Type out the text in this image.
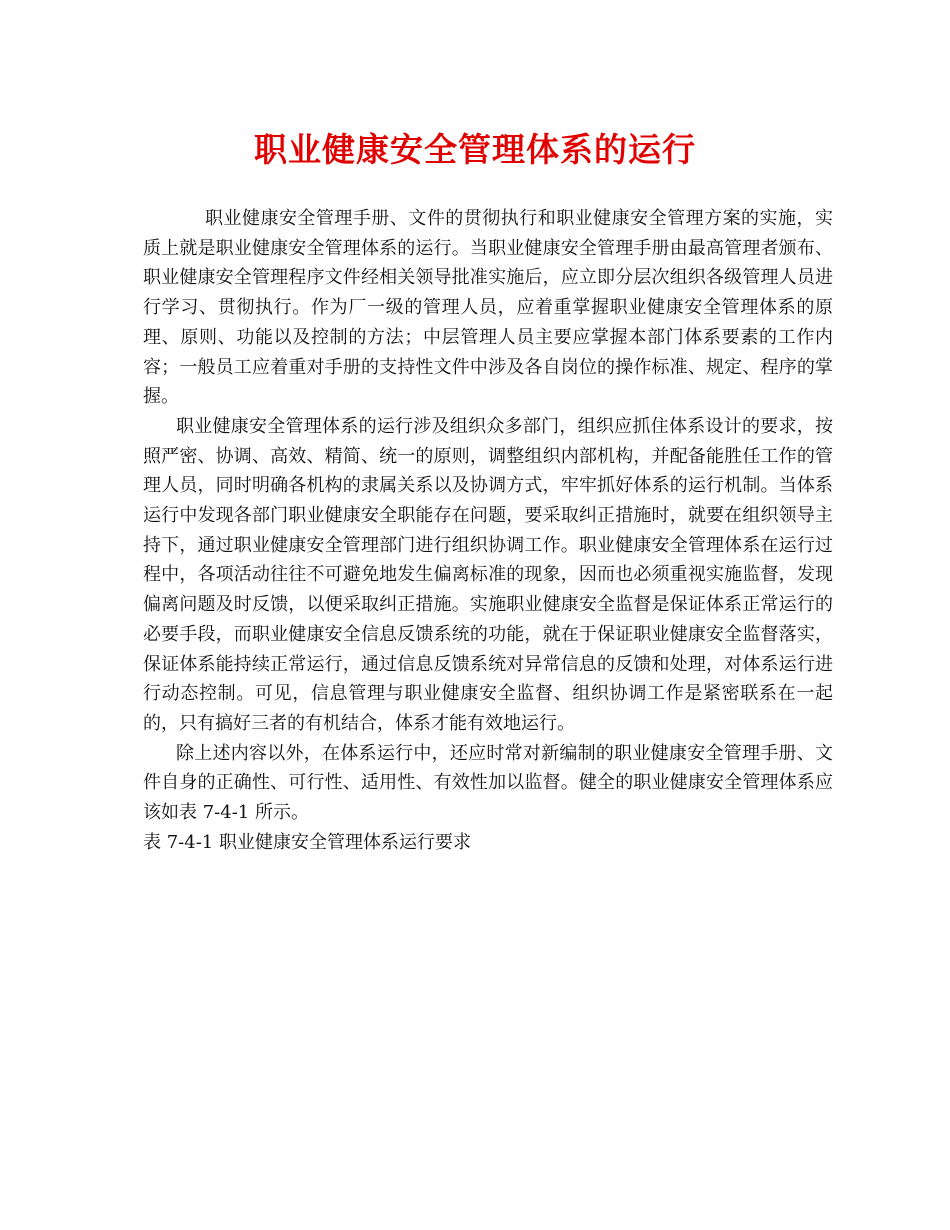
职业健康安全管理体系的运行

职业健康安全管理手册、文件的贯彻执行和职业健康安全管理方案的实施，实质上就是职业健康安全管理体系的运行。当职业健康安全管理手册由最高管理者颁布、职业健康安全管理程序文件经相关领导批准实施后，应立即分层次组织各级管理人员进行学习、贯彻执行。作为厂一级的管理人员，应着重掌握职业健康安全管理体系的原理、原则、功能以及控制的方法；中层管理人员主要应掌握本部门体系要素的工作内容；一般员工应着重对手册的支持性文件中涉及各自岗位的操作标准、规定、程序的掌握。

职业健康安全管理体系的运行涉及组织众多部门，组织应抓住体系设计的要求，按照严密、协调、高效、精简、统一的原则，调整组织内部机构，并配备能胜任工作的管理人员，同时明确各机构的隶属关系以及协调方式，牢牢抓好体系的运行机制。当体系运行中发现各部门职业健康安全职能存在问题，要采取纠正措施时，就要在组织领导主持下，通过职业健康安全管理部门进行组织协调工作。职业健康安全管理体系在运行过程中，各项活动往往不可避免地发生偏离标准的现象，因而也必须重视实施监督，发现偏离问题及时反馈，以便采取纠正措施。实施职业健康安全监督是保证体系正常运行的必要手段，而职业健康安全信息反馈系统的功能，就在于保证职业健康安全监督落实，保证体系能持续正常运行，通过信息反馈系统对异常信息的反馈和处理，对体系运行进行动态控制。可见，信息管理与职业健康安全监督、组织协调工作是紧密联系在一起的，只有搞好三者的有机结合，体系才能有效地运行。

除上述内容以外，在体系运行中，还应时常对新编制的职业健康安全管理手册、文件自身的正确性、可行性、适用性、有效性加以监督。健全的职业健康安全管理体系应该如表 7-4-1 所示。

表 7-4-1 职业健康安全管理体系运行要求
